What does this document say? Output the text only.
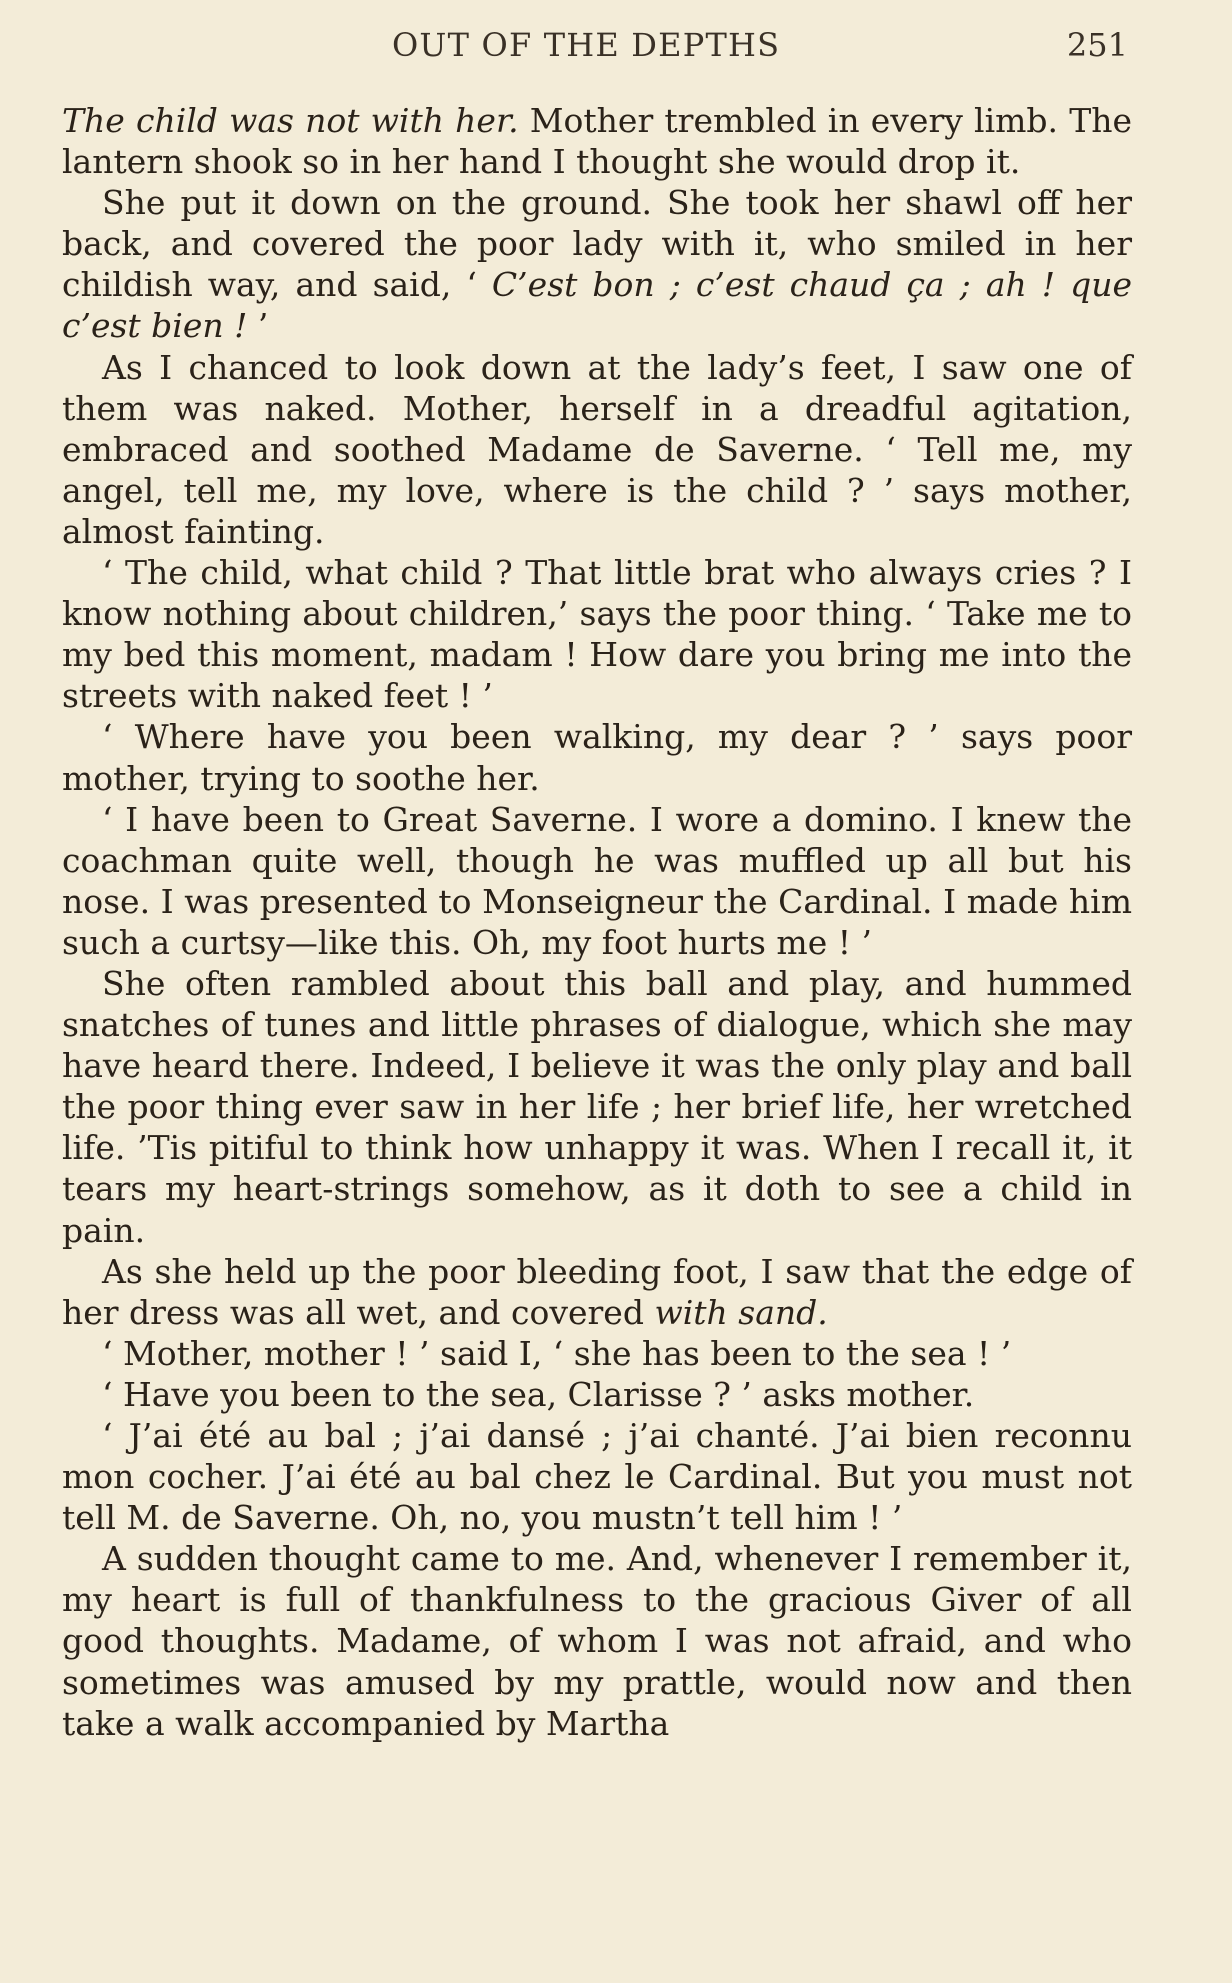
OUT OF THE DEPTHS	251

The child was not with her. Mother trembled in every limb. The lantern shook so in her hand I thought she would drop it.

She put it down on the ground. She took her shawl off her back, and covered the poor lady with it, who smiled in her childish way, and said, ‘ C’est bon ; c’est chaud ça ; ah ! que c’est bien ! ’

As I chanced to look down at the lady’s feet, I saw one of them was naked. Mother, herself in a dreadful agitation, embraced and soothed Madame de Saverne. ‘ Tell me, my angel, tell me, my love, where is the child ? ’ says mother, almost fainting.

‘ The child, what child ? That little brat who always cries ? I know nothing about children,’ says the poor thing. ‘ Take me to my bed this moment, madam ! How dare you bring me into the streets with naked feet ! ’

‘ Where have you been walking, my dear ? ’ says poor mother, trying to soothe her.

‘ I have been to Great Saverne. I wore a domino. I knew the coachman quite well, though he was muffled up all but his nose. I was presented to Monseigneur the Cardinal. I made him such a curtsy—like this. Oh, my foot hurts me ! ’

She often rambled about this ball and play, and hummed snatches of tunes and little phrases of dialogue, which she may have heard there. Indeed, I believe it was the only play and ball the poor thing ever saw in her life ; her brief life, her wretched life. ’Tis pitiful to think how unhappy it was. When I recall it, it tears my heart-strings somehow, as it doth to see a child in pain.

As she held up the poor bleeding foot, I saw that the edge of her dress was all wet, and covered with sand.

‘ Mother, mother ! ’ said I, ‘ she has been to the sea ! ’

‘ Have you been to the sea, Clarisse ? ’ asks mother.

‘ J’ai été au bal ; j’ai dansé ; j’ai chanté. J’ai bien reconnu mon cocher. J’ai été au bal chez le Cardinal. But you must not tell M. de Saverne. Oh, no, you mustn’t tell him ! ’

A sudden thought came to me. And, whenever I remember it, my heart is full of thankfulness to the gracious Giver of all good thoughts. Madame, of whom I was not afraid, and who sometimes was amused by my prattle, would now and then take a walk accompanied by Martha
